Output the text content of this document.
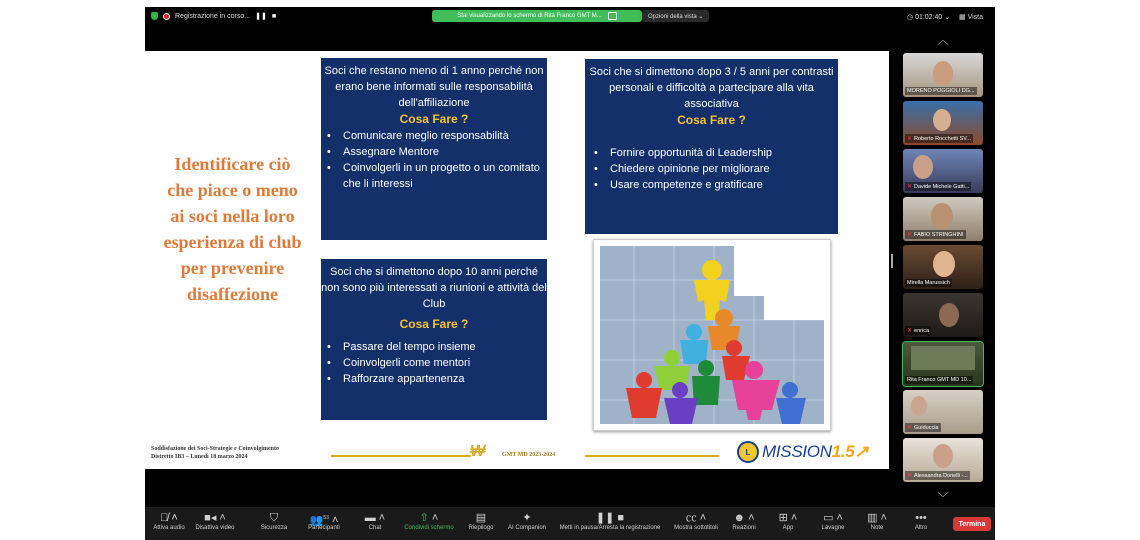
Registrazione in corso... ❚❚ ■	Stai visualizzando lo schermo di Rita Franco GMT M...	Opzioni della vista ⌄	◷ 01:02:40 ⌄ ▦ Vista
Identificare ciò che piace o meno ai soci nella loro esperienza di club per prevenire disaffezione
Soci che restano meno di 1 anno perché non erano bene informati sulle responsabilità dell'affiliazione
Cosa Fare ?
• Comunicare meglio responsabilità
• Assegnare Mentore
• Coinvolgerli in un progetto o un comitato che li interessi
Soci che si dimettono dopo 3 / 5 anni per contrasti personali e difficoltà a partecipare alla vita associativa
Cosa Fare ?
• Fornire opportunità di Leadership
• Chiedere opinione per migliorare
• Usare competenze e gratificare
Soci che si dimettono dopo 10 anni perché non sono più interessati a riunioni e attività del Club
Cosa Fare ?
• Passare del tempo insieme
• Coinvolgerli come mentori
• Rafforzare appartenenza
Soddisfazione dei Soci-Strategie e Coinvolgimento
Distretto IB3 – Lunedì 18 marzo 2024	₩	GMT MD 2023-2024	L MISSION1.5↗
︿
MORENO POGGIOLI DG...
✕ Roberto Rocchetti SV...
✕ Davide Michele Gatti...
✕ FABIO STRINGHINI
Mirella Marussich
✕ enrica
Rita Franco GMT MD 10...
✕ Guiduccia
✕ Alessandra Donelli -...
﹀
🎙̸ ˄
Attiva audio
■◂ ˄
Disattiva video
⛉
Sicurezza
👥$^{53}$ ˄
Partecipanti
▬ ˄
Chat
⇧ ˄
Condividi schermo
▤
Riepilogo
✦
AI Companion
❚❚ ■
Metti in pausa/Arresta la registrazione
㏄ ˄
Mostra sottotitoli
☻ ˄
Reazioni
⊞ ˄
App
▭ ˄
Lavagne
▥ ˄
Note
•••
Altro
Termina
